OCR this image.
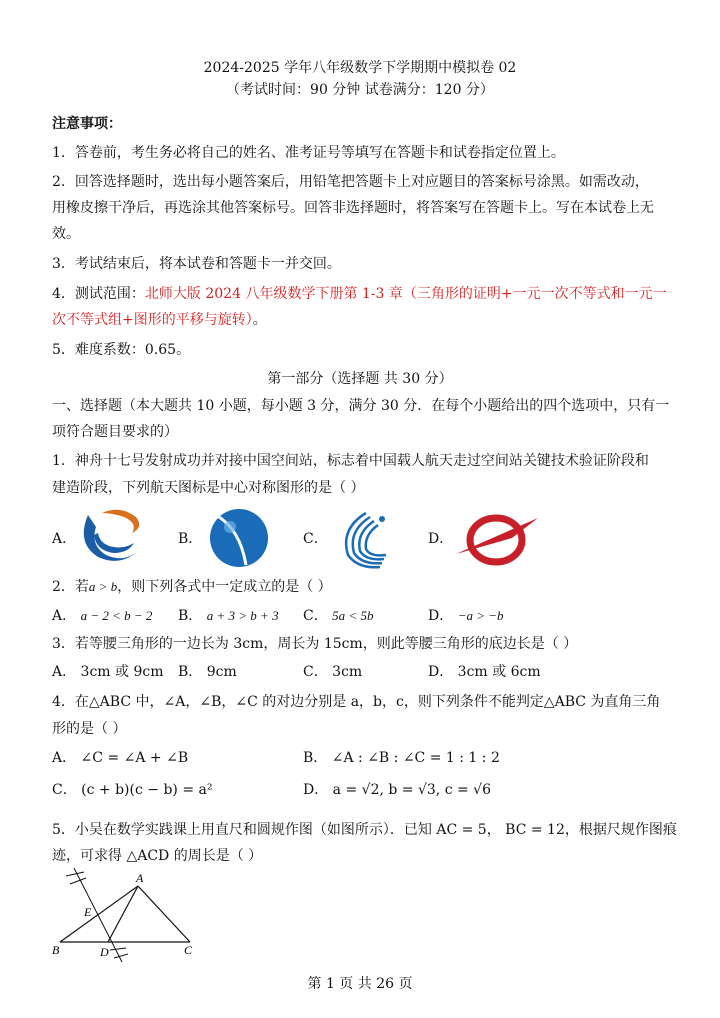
2024-2025 学年八年级数学下学期期中模拟卷 02
（考试时间：90 分钟 试卷满分：120 分）
注意事项：
1．答卷前，考生务必将自己的姓名、准考证号等填写在答题卡和试卷指定位置上。
2．回答选择题时，选出每小题答案后，用铅笔把答题卡上对应题目的答案标号涂黑。如需改动，
用橡皮擦干净后，再选涂其他答案标号。回答非选择题时，将答案写在答题卡上。写在本试卷上无
效。
3．考试结束后，将本试卷和答题卡一并交回。
4．测试范围：北师大版 2024 八年级数学下册第 1-3 章（三角形的证明+一元一次不等式和一元一
次不等式组+图形的平移与旋转）。
5．难度系数：0.65。
第一部分（选择题 共 30 分）
一、选择题（本大题共 10 小题，每小题 3 分，满分 30 分．在每个小题给出的四个选项中，只有一
项符合题目要求的）
1．神舟十七号发射成功并对接中国空间站，标志着中国载人航天走过空间站关键技术验证阶段和
建造阶段，下列航天图标是中心对称图形的是（ ）
A．	B．	C．	D．
2．若a > b，则下列各式中一定成立的是（ ）
A． a − 2 < b − 2 B． a + 3 > b + 3 C． 5a < 5b	D． −a > −b
3．若等腰三角形的一边长为 3cm，周长为 15cm，则此等腰三角形的底边长是（ ）
A． 3cm 或 9cm B． 9cm	C． 3cm	D． 3cm 或 6cm
4．在△ABC 中，∠A，∠B，∠C 的对边分别是 a，b，c，则下列条件不能判定△ABC 为直角三角
形的是（ ）
A． ∠C = ∠A + ∠B	B． ∠A : ∠B : ∠C = 1 : 1 : 2
C． (c + b)(c − b) = a²	D． a = √2, b = √3, c = √6
5．小吴在数学实践课上用直尺和圆规作图（如图所示）．已知 AC = 5， BC = 12，根据尺规作图痕
迹，可求得 △ACD 的周长是（ ）
A
E
B	D	C
第 1 页 共 26 页
